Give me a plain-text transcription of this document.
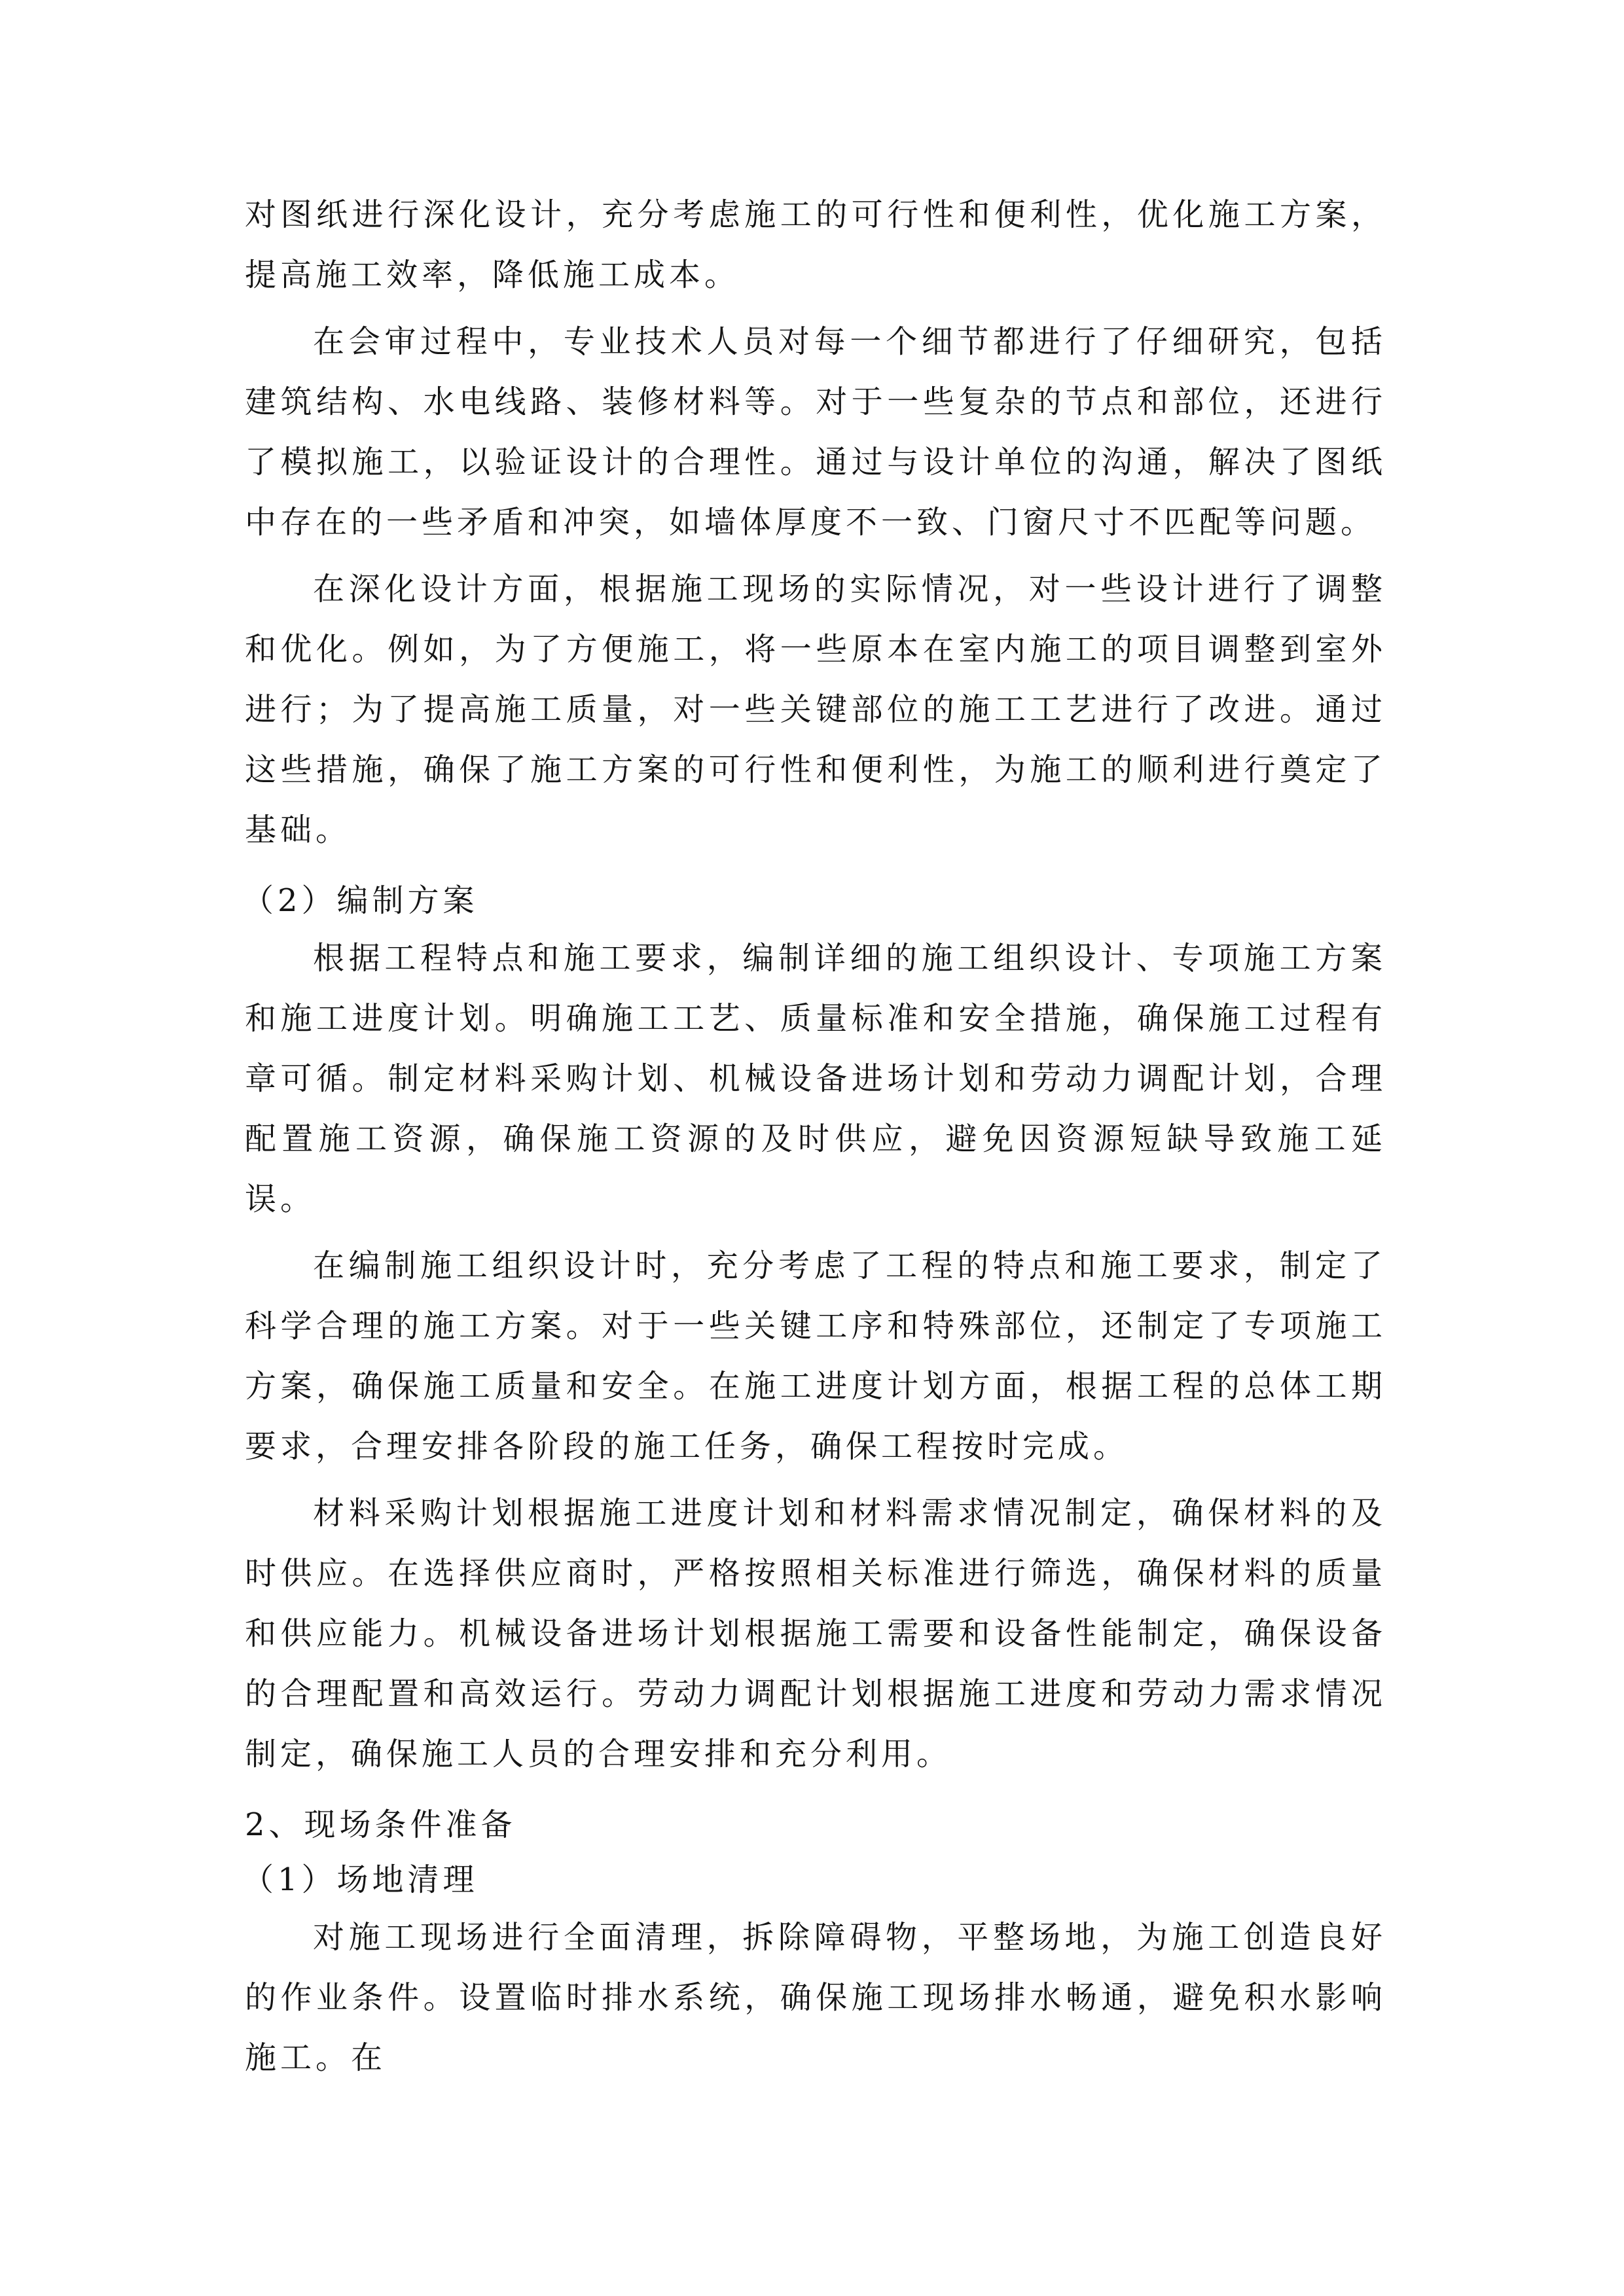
对图纸进行深化设计，充分考虑施工的可行性和便利性，优化施工方案，提高施工效率，降低施工成本。

在会审过程中，专业技术人员对每一个细节都进行了仔细研究，包括建筑结构、水电线路、装修材料等。对于一些复杂的节点和部位，还进行了模拟施工，以验证设计的合理性。通过与设计单位的沟通，解决了图纸中存在的一些矛盾和冲突，如墙体厚度不一致、门窗尺寸不匹配等问题。

在深化设计方面，根据施工现场的实际情况，对一些设计进行了调整和优化。例如，为了方便施工，将一些原本在室内施工的项目调整到室外进行；为了提高施工质量，对一些关键部位的施工工艺进行了改进。通过这些措施，确保了施工方案的可行性和便利性，为施工的顺利进行奠定了基础。

（2）编制方案

根据工程特点和施工要求，编制详细的施工组织设计、专项施工方案和施工进度计划。明确施工工艺、质量标准和安全措施，确保施工过程有章可循。制定材料采购计划、机械设备进场计划和劳动力调配计划，合理配置施工资源，确保施工资源的及时供应，避免因资源短缺导致施工延误。

在编制施工组织设计时，充分考虑了工程的特点和施工要求，制定了科学合理的施工方案。对于一些关键工序和特殊部位，还制定了专项施工方案，确保施工质量和安全。在施工进度计划方面，根据工程的总体工期要求，合理安排各阶段的施工任务，确保工程按时完成。

材料采购计划根据施工进度计划和材料需求情况制定，确保材料的及时供应。在选择供应商时，严格按照相关标准进行筛选，确保材料的质量和供应能力。机械设备进场计划根据施工需要和设备性能制定，确保设备的合理配置和高效运行。劳动力调配计划根据施工进度和劳动力需求情况制定，确保施工人员的合理安排和充分利用。

2、现场条件准备

（1）场地清理

对施工现场进行全面清理，拆除障碍物，平整场地，为施工创造良好的作业条件。设置临时排水系统，确保施工现场排水畅通，避免积水影响施工。在
